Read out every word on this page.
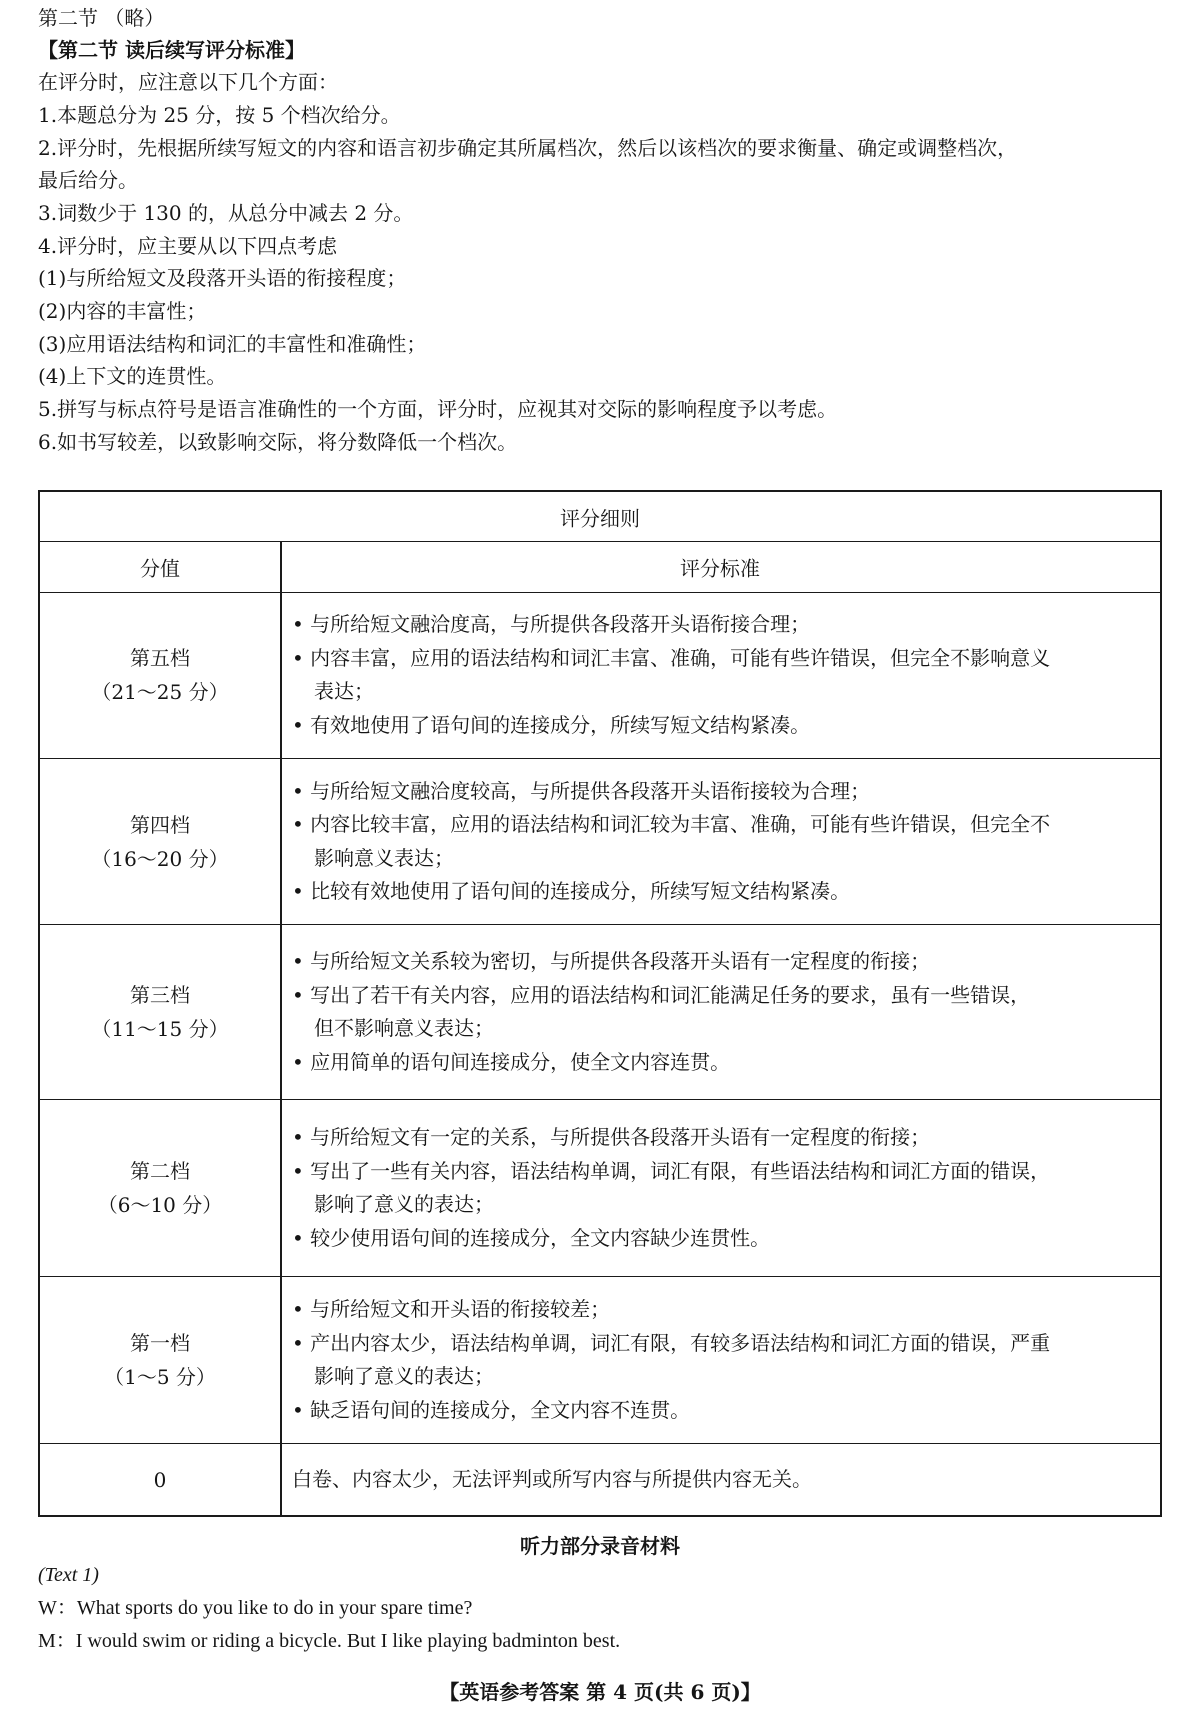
第二节 （略）
【第二节 读后续写评分标准】
在评分时，应注意以下几个方面：
1.本题总分为 25 分，按 5 个档次给分。
2.评分时，先根据所续写短文的内容和语言初步确定其所属档次，然后以该档次的要求衡量、确定或调整档次，
最后给分。
3.词数少于 130 的，从总分中减去 2 分。
4.评分时，应主要从以下四点考虑
(1)与所给短文及段落开头语的衔接程度；
(2)内容的丰富性；
(3)应用语法结构和词汇的丰富性和准确性；
(4)上下文的连贯性。
5.拼写与标点符号是语言准确性的一个方面，评分时，应视其对交际的影响程度予以考虑。
6.如书写较差，以致影响交际，将分数降低一个档次。
评分细则
分值	评分标准
第五档
（21～25 分）
• 与所给短文融洽度高，与所提供各段落开头语衔接合理；
• 内容丰富，应用的语法结构和词汇丰富、准确，可能有些许错误，但完全不影响意义
表达；
• 有效地使用了语句间的连接成分，所续写短文结构紧凑。
第四档
（16～20 分）
• 与所给短文融洽度较高，与所提供各段落开头语衔接较为合理；
• 内容比较丰富，应用的语法结构和词汇较为丰富、准确，可能有些许错误，但完全不
影响意义表达；
• 比较有效地使用了语句间的连接成分，所续写短文结构紧凑。
第三档
（11～15 分）
• 与所给短文关系较为密切，与所提供各段落开头语有一定程度的衔接；
• 写出了若干有关内容，应用的语法结构和词汇能满足任务的要求，虽有一些错误，
但不影响意义表达；
• 应用简单的语句间连接成分，使全文内容连贯。
第二档
（6～10 分）
• 与所给短文有一定的关系，与所提供各段落开头语有一定程度的衔接；
• 写出了一些有关内容，语法结构单调，词汇有限，有些语法结构和词汇方面的错误，
影响了意义的表达；
• 较少使用语句间的连接成分，全文内容缺少连贯性。
第一档
（1～5 分）
• 与所给短文和开头语的衔接较差；
• 产出内容太少，语法结构单调，词汇有限，有较多语法结构和词汇方面的错误，严重
影响了意义的表达；
• 缺乏语句间的连接成分，全文内容不连贯。
0	白卷、内容太少，无法评判或所写内容与所提供内容无关。
听力部分录音材料
(Text 1)
W：What sports do you like to do in your spare time?
M：I would swim or riding a bicycle. But I like playing badminton best.
【英语参考答案 第 4 页(共 6 页)】
